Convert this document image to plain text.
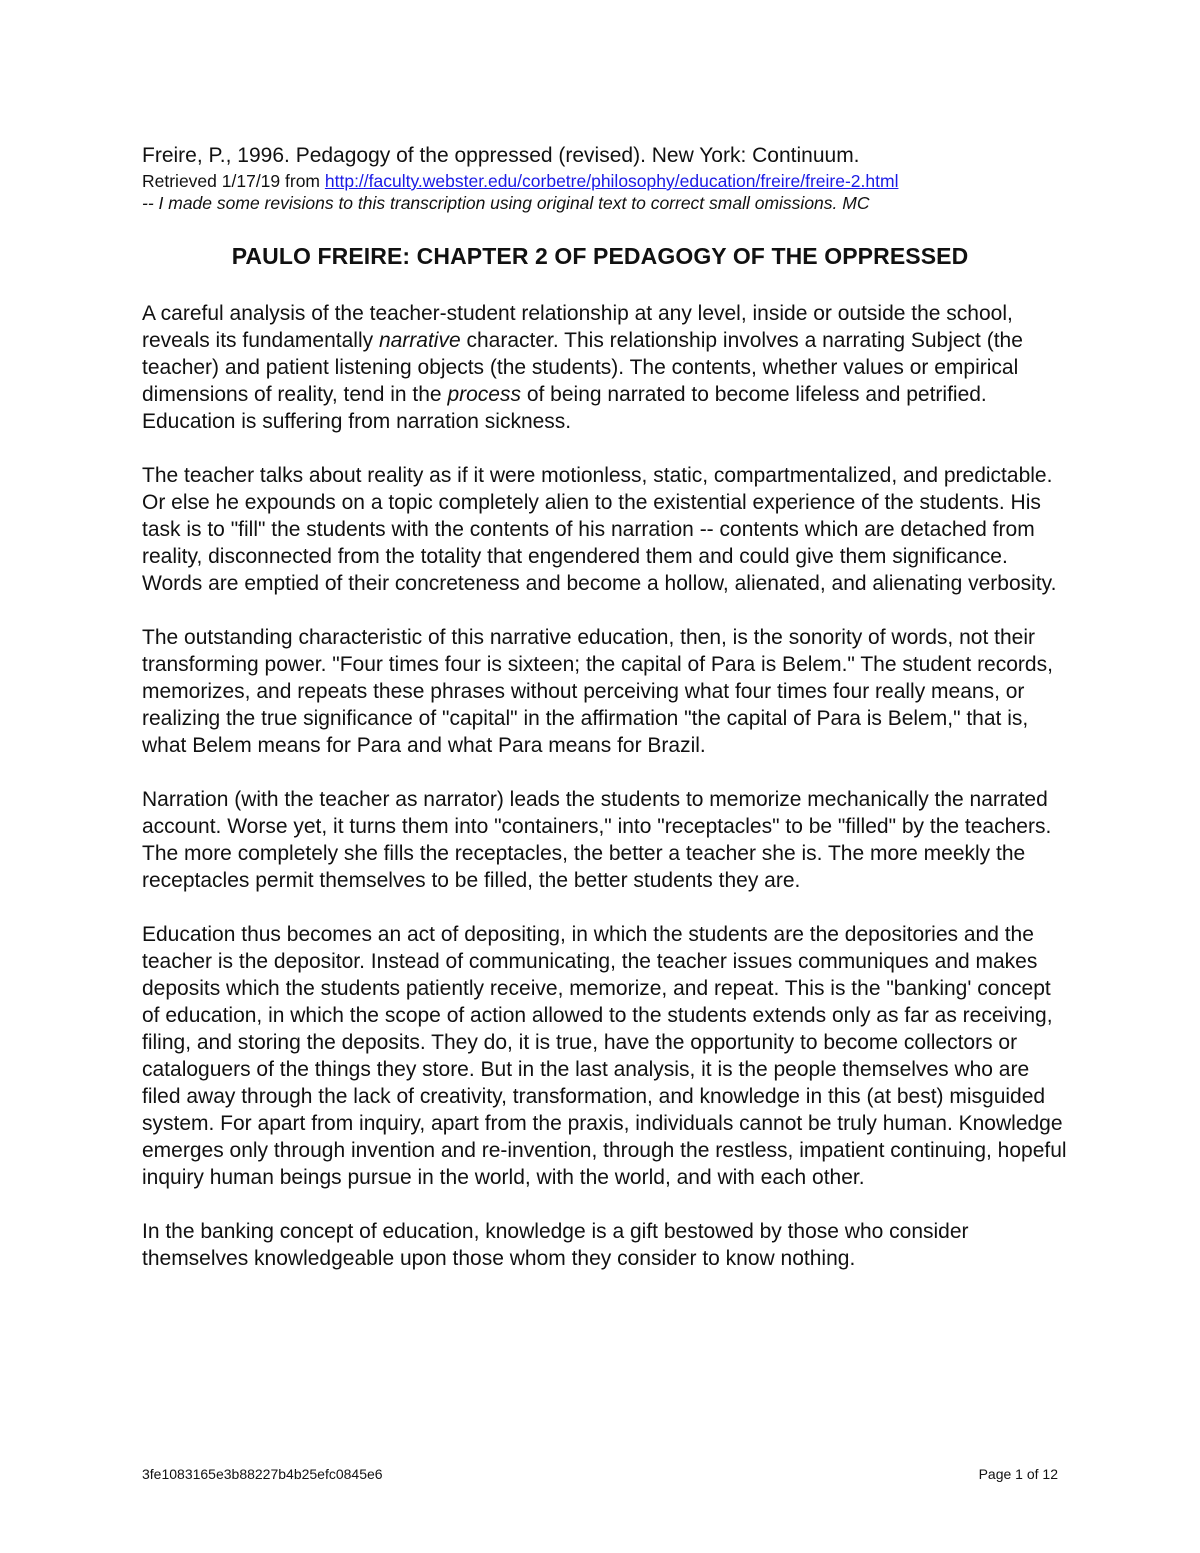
Freire, P., 1996. Pedagogy of the oppressed (revised). New York: Continuum.

Retrieved 1/17/19 from http://faculty.webster.edu/corbetre/philosophy/education/freire/freire-2.html

-- I made some revisions to this transcription using original text to correct small omissions. MC

PAULO FREIRE: CHAPTER 2 OF PEDAGOGY OF THE OPPRESSED

A careful analysis of the teacher-student relationship at any level, inside or outside the school, reveals its fundamentally narrative character. This relationship involves a narrating Subject (the teacher) and patient listening objects (the students). The contents, whether values or empirical dimensions of reality, tend in the process of being narrated to become lifeless and petrified. Education is suffering from narration sickness.

The teacher talks about reality as if it were motionless, static, compartmentalized, and predictable. Or else he expounds on a topic completely alien to the existential experience of the students. His task is to "fill" the students with the contents of his narration -- contents which are detached from reality, disconnected from the totality that engendered them and could give them significance. Words are emptied of their concreteness and become a hollow, alienated, and alienating verbosity.

The outstanding characteristic of this narrative education, then, is the sonority of words, not their transforming power. "Four times four is sixteen; the capital of Para is Belem." The student records, memorizes, and repeats these phrases without perceiving what four times four really means, or realizing the true significance of "capital" in the affirmation "the capital of Para is Belem," that is, what Belem means for Para and what Para means for Brazil.

Narration (with the teacher as narrator) leads the students to memorize mechanically the narrated account. Worse yet, it turns them into "containers," into "receptacles" to be "filled" by the teachers. The more completely she fills the receptacles, the better a teacher she is. The more meekly the receptacles permit themselves to be filled, the better students they are.

Education thus becomes an act of depositing, in which the students are the depositories and the teacher is the depositor. Instead of communicating, the teacher issues communiques and makes deposits which the students patiently receive, memorize, and repeat. This is the "banking' concept of education, in which the scope of action allowed to the students extends only as far as receiving, filing, and storing the deposits. They do, it is true, have the opportunity to become collectors or cataloguers of the things they store. But in the last analysis, it is the people themselves who are filed away through the lack of creativity, transformation, and knowledge in this (at best) misguided system. For apart from inquiry, apart from the praxis, individuals cannot be truly human. Knowledge emerges only through invention and re-invention, through the restless, impatient continuing, hopeful inquiry human beings pursue in the world, with the world, and with each other.

In the banking concept of education, knowledge is a gift bestowed by those who consider themselves knowledgeable upon those whom they consider to know nothing.

3fe1083165e3b88227b4b25efc0845e6	Page 1 of 12
